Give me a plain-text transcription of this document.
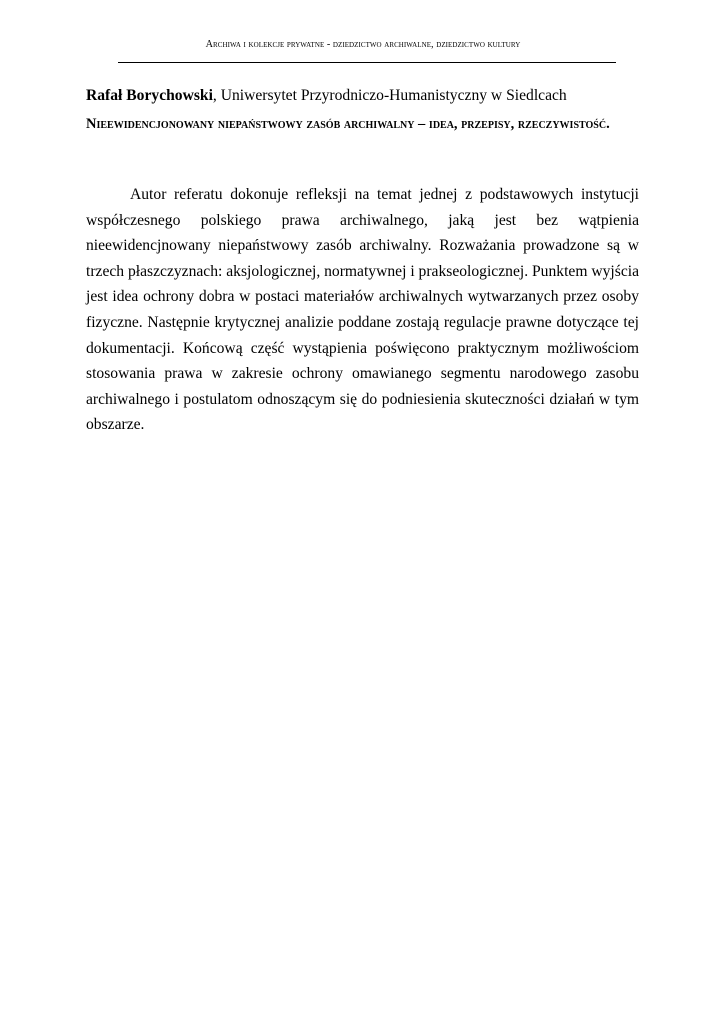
Archiwa i kolekcje prywatne - dziedzictwo archiwalne, dziedzictwo kultury
Rafał Borychowski, Uniwersytet Przyrodniczo-Humanistyczny w Siedlcach
Nieewidencjonowany niepaństwowy zasób archiwalny – idea, przepisy, rzeczywistość.

Autor referatu dokonuje refleksji na temat jednej z podstawowych instytucji współczesnego polskiego prawa archiwalnego, jaką jest bez wątpienia nieewidencjnowany niepaństwowy zasób archiwalny. Rozważania prowadzone są w trzech płaszczyznach: aksjologicznej, normatywnej i prakseologicznej. Punktem wyjścia jest idea ochrony dobra w postaci materiałów archiwalnych wytwarzanych przez osoby fizyczne. Następnie krytycznej analizie poddane zostają regulacje prawne dotyczące tej dokumentacji. Końcową część wystąpienia poświęcono praktycznym możliwościom stosowania prawa w zakresie ochrony omawianego segmentu narodowego zasobu archiwalnego i postulatom odnoszącym się do podniesienia skuteczności działań w tym obszarze.
